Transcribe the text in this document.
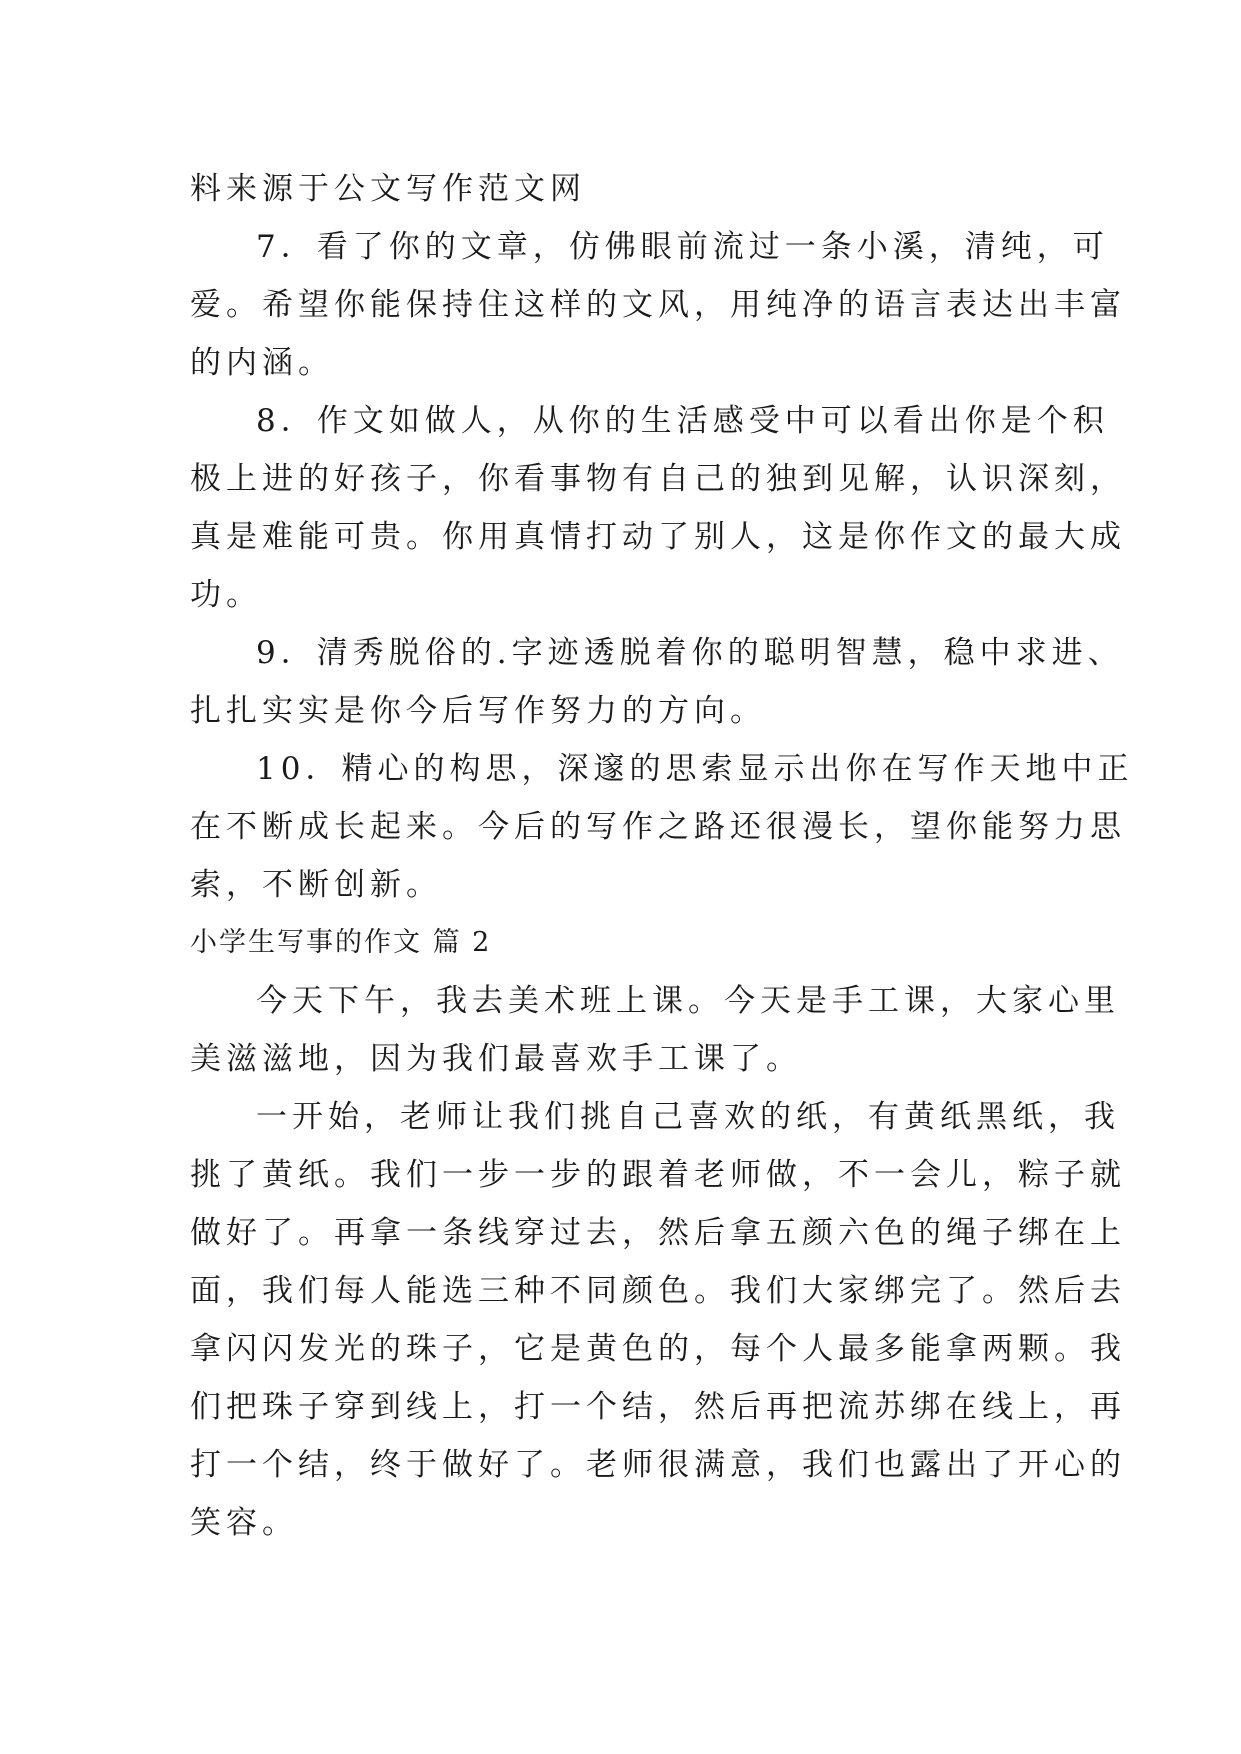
料来源于公文写作范文网

7．看了你的文章，仿佛眼前流过一条小溪，清纯，可

爱。希望你能保持住这样的文风，用纯净的语言表达出丰富

的内涵。

8．作文如做人，从你的生活感受中可以看出你是个积

极上进的好孩子，你看事物有自己的独到见解，认识深刻，

真是难能可贵。你用真情打动了别人，这是你作文的最大成

功。

9．清秀脱俗的.字迹透脱着你的聪明智慧，稳中求进、

扎扎实实是你今后写作努力的方向。

10．精心的构思，深邃的思索显示出你在写作天地中正

在不断成长起来。今后的写作之路还很漫长，望你能努力思

索，不断创新。

小学生写事的作文 篇 2

今天下午，我去美术班上课。今天是手工课，大家心里

美滋滋地，因为我们最喜欢手工课了。

一开始，老师让我们挑自己喜欢的纸，有黄纸黑纸，我

挑了黄纸。我们一步一步的跟着老师做，不一会儿，粽子就

做好了。再拿一条线穿过去，然后拿五颜六色的绳子绑在上

面，我们每人能选三种不同颜色。我们大家绑完了。然后去

拿闪闪发光的珠子，它是黄色的，每个人最多能拿两颗。我

们把珠子穿到线上，打一个结，然后再把流苏绑在线上，再

打一个结，终于做好了。老师很满意，我们也露出了开心的

笑容。
